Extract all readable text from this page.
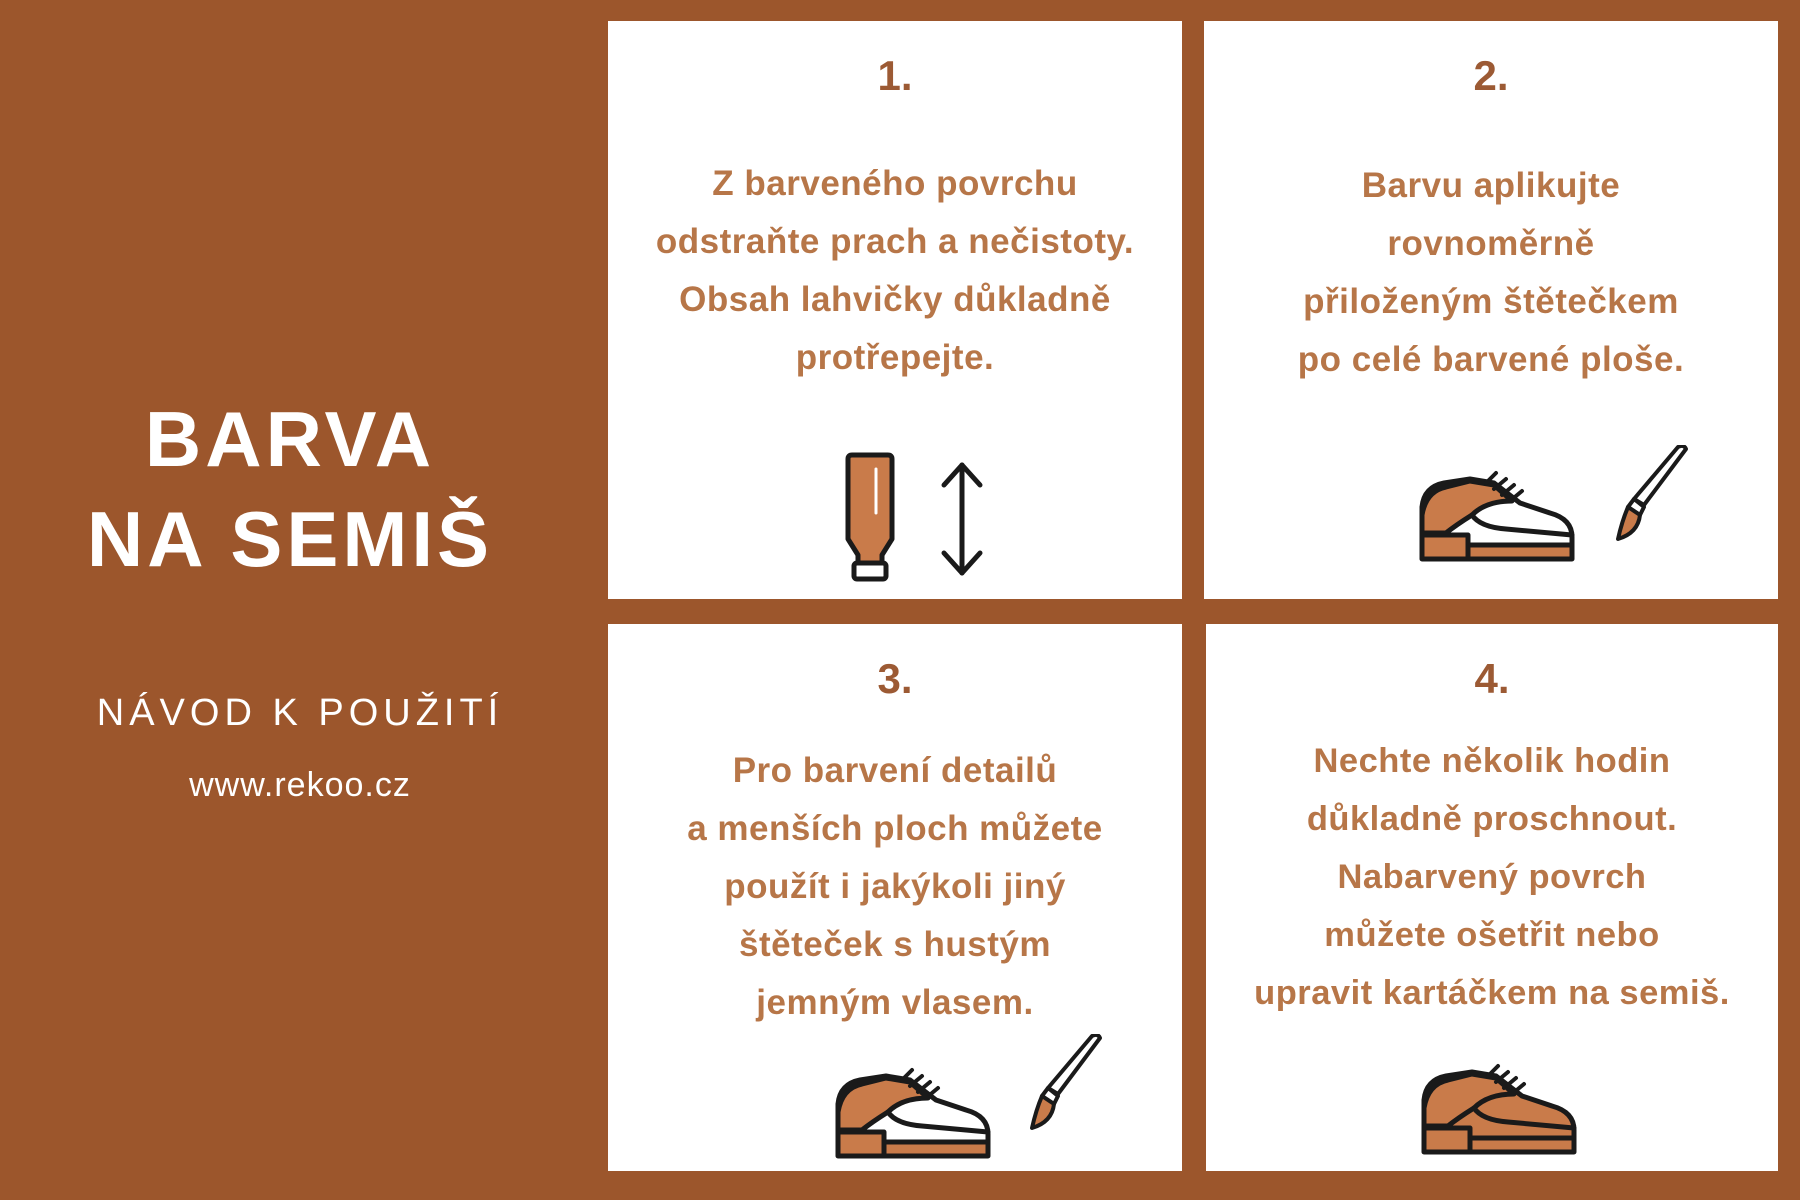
BARVA
NA SEMIŠ
NÁVOD K POUŽITÍ
www.rekoo.cz
1.
Z barveného povrchu
odstraňte prach a nečistoty.
Obsah lahvičky důkladně
protřepejte.
2.
Barvu aplikujte
rovnoměrně
přiloženým štětečkem
po celé barvené ploše.
3.
Pro barvení detailů
a menších ploch můžete
použít i jakýkoli jiný
štěteček s hustým
jemným vlasem.
4.
Nechte několik hodin
důkladně proschnout.
Nabarvený povrch
můžete ošetřit nebo
upravit kartáčkem na semiš.
